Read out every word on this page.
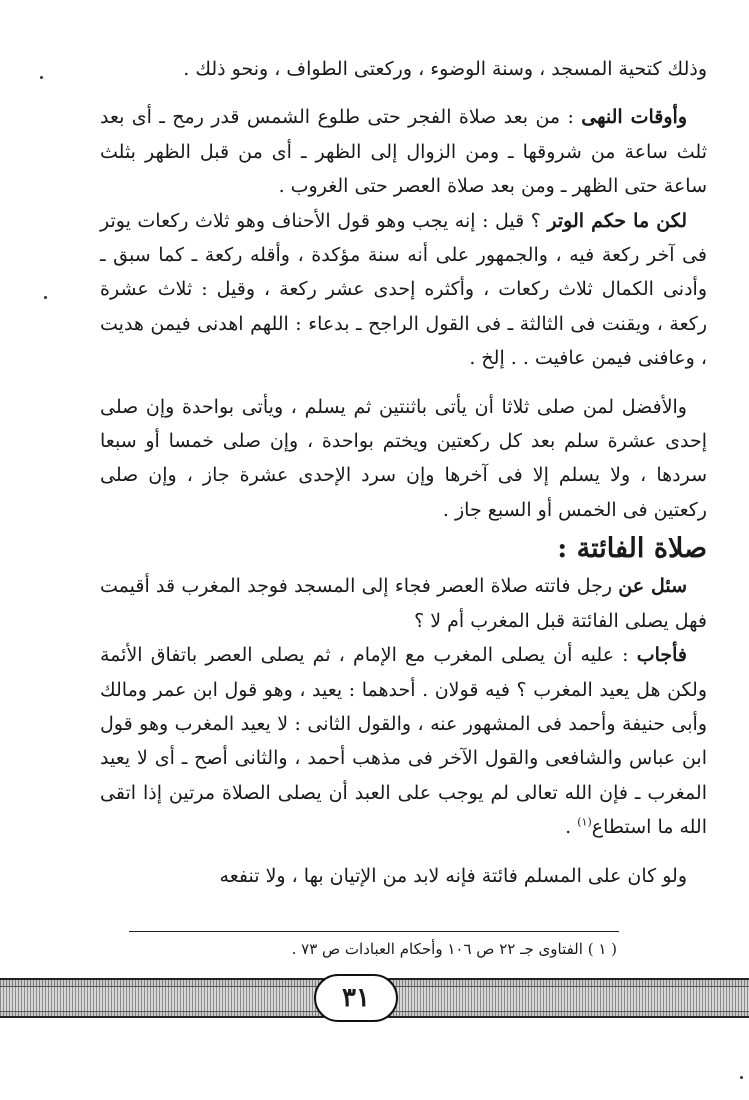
وذلك كتحية المسجد ، وسنة الوضوء ، وركعتى الطواف ، ونحو ذلك .

وأوقات النهى : من بعد صلاة الفجر حتى طلوع الشمس قدر رمح ـ أى بعد ثلث ساعة من شروقها ـ ومن الزوال إلى الظهر ـ أى من قبل الظهر بثلث ساعة حتى الظهر ـ ومن بعد صلاة العصر حتى الغروب .

لكن ما حكم الوتر ؟ قيل : إنه يجب وهو قول الأحناف وهو ثلاث ركعات يوتر فى آخر ركعة فيه ، والجمهور على أنه سنة مؤكدة ، وأقله ركعة ـ كما سبق ـ وأدنى الكمال ثلاث ركعات ، وأكثره إحدى عشر ركعة ، وقيل : ثلاث عشرة ركعة ، ويقنت فى الثالثة ـ فى القول الراجح ـ بدعاء : اللهم اهدنى فيمن هديت ، وعافنى فيمن عافيت . . إلخ .

والأفضل لمن صلى ثلاثا أن يأتى باثنتين ثم يسلم ، ويأتى بواحدة وإن صلى إحدى عشرة سلم بعد كل ركعتين ويختم بواحدة ، وإن صلى خمسا أو سبعا سردها ، ولا يسلم إلا فى آخرها وإن سرد الإحدى عشرة جاز ، وإن صلى ركعتين فى الخمس أو السبع جاز .

صلاة الفائتة :

سئل عن رجل فاتته صلاة العصر فجاء إلى المسجد فوجد المغرب قد أقيمت فهل يصلى الفائتة قبل المغرب أم لا ؟

فأجاب : عليه أن يصلى المغرب مع الإمام ، ثم يصلى العصر باتفاق الأئمة ولكن هل يعيد المغرب ؟ فيه قولان . أحدهما : يعيد ، وهو قول ابن عمر ومالك وأبى حنيفة وأحمد فى المشهور عنه ، والقول الثانى : لا يعيد المغرب وهو قول ابن عباس والشافعى والقول الآخر فى مذهب أحمد ، والثانى أصح ـ أى لا يعيد المغرب ـ فإن الله تعالى لم يوجب على العبد أن يصلى الصلاة مرتين إذا اتقى الله ما استطاع$^{(١)}$ .

ولو كان على المسلم فائتة فإنه لابد من الإتيان بها ، ولا تنفعه

( ١ ) الفتاوى جـ ٢٢ ص ١٠٦ وأحكام العبادات ص ٧٣ .
٣١
